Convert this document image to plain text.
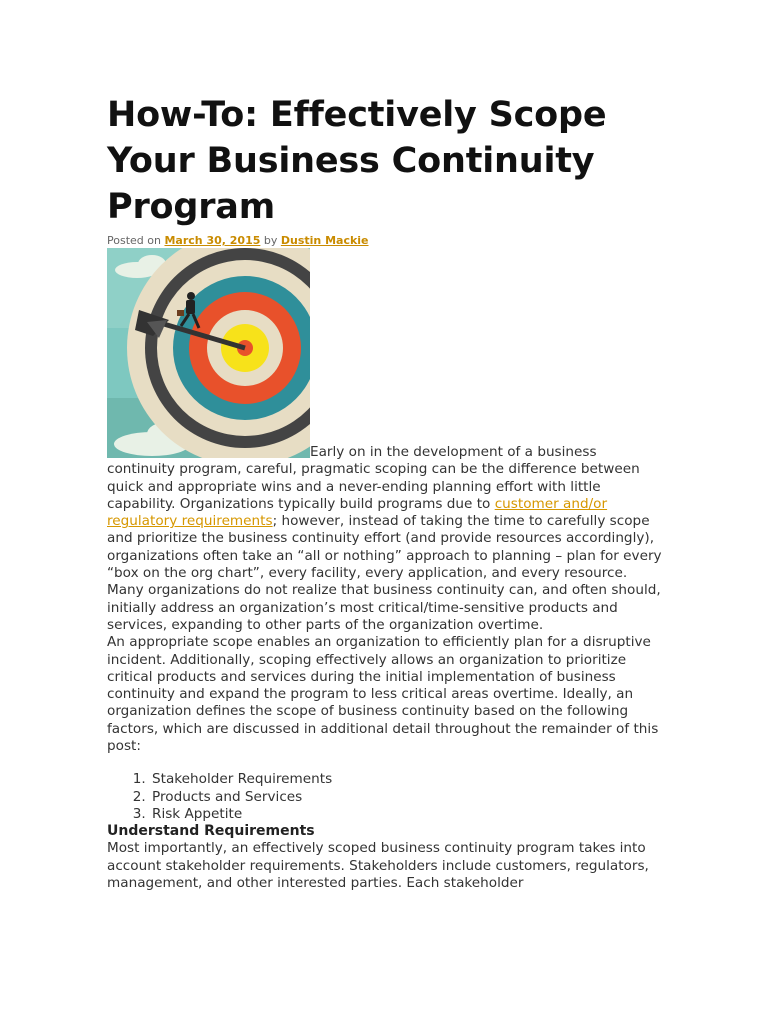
How-To: Effectively Scope Your Business Continuity Program
Posted on March 30, 2015 by Dustin Mackie

Early on in the development of a business continuity program, careful, pragmatic scoping can be the difference between quick and appropriate wins and a never-ending planning effort with little capability. Organizations typically build programs due to customer and/or regulatory requirements; however, instead of taking the time to carefully scope and prioritize the business continuity effort (and provide resources accordingly), organizations often take an “all or nothing” approach to planning – plan for every “box on the org chart”, every facility, every application, and every resource. Many organizations do not realize that business continuity can, and often should, initially address an organization’s most critical/time-sensitive products and services, expanding to other parts of the organization overtime.

An appropriate scope enables an organization to efficiently plan for a disruptive incident. Additionally, scoping effectively allows an organization to prioritize critical products and services during the initial implementation of business continuity and expand the program to less critical areas overtime. Ideally, an organization defines the scope of business continuity based on the following factors, which are discussed in additional detail throughout the remainder of this post:

1. Stakeholder Requirements
2. Products and Services
3. Risk Appetite
Understand Requirements

Most importantly, an effectively scoped business continuity program takes into account stakeholder requirements. Stakeholders include customers, regulators, management, and other interested parties. Each stakeholder
